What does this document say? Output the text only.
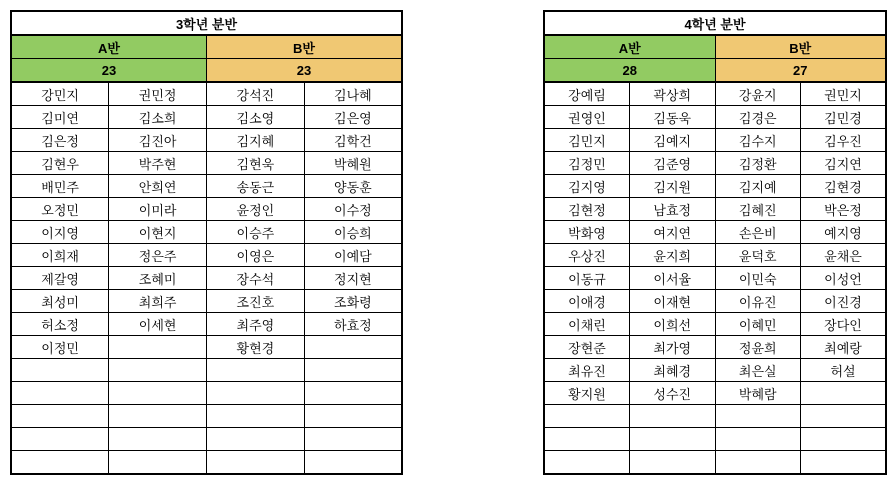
3학년 분반			
A반		B반	
23		23	
강민지	권민정	강석진	김나혜
김미연	김소희	김소영	김은영
김은정	김진아	김지혜	김학건
김현우	박주현	김현욱	박혜원
배민주	안희연	송동근	양동훈
오정민	이미라	윤정인	이수정
이지영	이현지	이승주	이승희
이희재	정은주	이영은	이예담
제갈영	조혜미	장수석	정지현
최성미	최희주	조진호	조화령
허소정	이세현	최주영	하효정
이정민		황현경	

4학년 분반			
A반		B반	
28		27	
강예림	곽상희	강윤지	권민지
권영인	김동욱	김경은	김민경
김민지	김예지	김수지	김우진
김정민	김준영	김정환	김지연
김지영	김지원	김지예	김현경
김현정	남효정	김혜진	박은정
박화영	여지연	손은비	예지영
우상진	윤지희	윤덕호	윤채은
이동규	이서율	이민숙	이성언
이애경	이재현	이유진	이진경
이채린	이희선	이혜민	장다인
장현준	최가영	정윤희	최예랑
최유진	최혜경	최은실	허설
황지원	성수진	박혜람	
